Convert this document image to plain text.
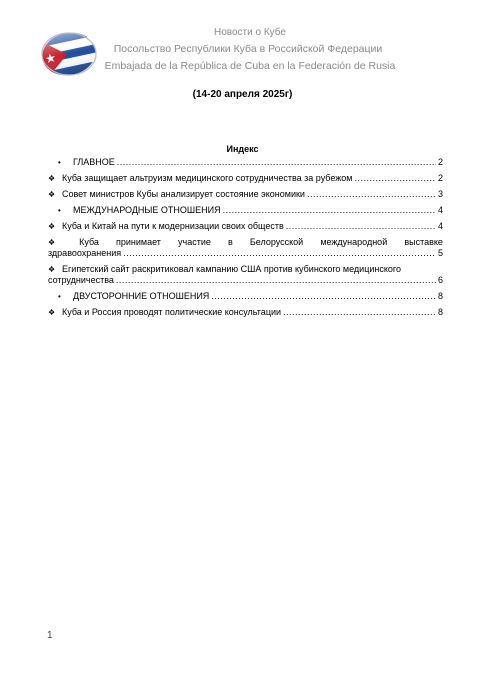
Новости о Кубе
Посольство Республики Куба в Российской Федерации
Embajada de la República de Cuba en la Federación de Rusia
(14-20 апреля 2025г)
Индекс
•	ГЛАВНОЕ .....	2
❖ Куба защищает альтруизм медицинского сотрудничества за рубежом .....	2
❖ Совет министров Кубы анализирует состояние экономики .....	3
•	МЕЖДУНАРОДНЫЕ ОТНОШЕНИЯ .....	4
❖ Куба и Китай на пути к модернизации своих обществ .....	4
❖	Куба принимает участие в Белорусской международной выставке
здравоохранения .....	5
❖ Египетский сайт раскритиковал кампанию США против кубинского медицинского
сотрудничества .....	6
•	ДВУСТОРОННИЕ ОТНОШЕНИЯ .....	8
❖ Куба и Россия проводят политические консультации .....	8
1
